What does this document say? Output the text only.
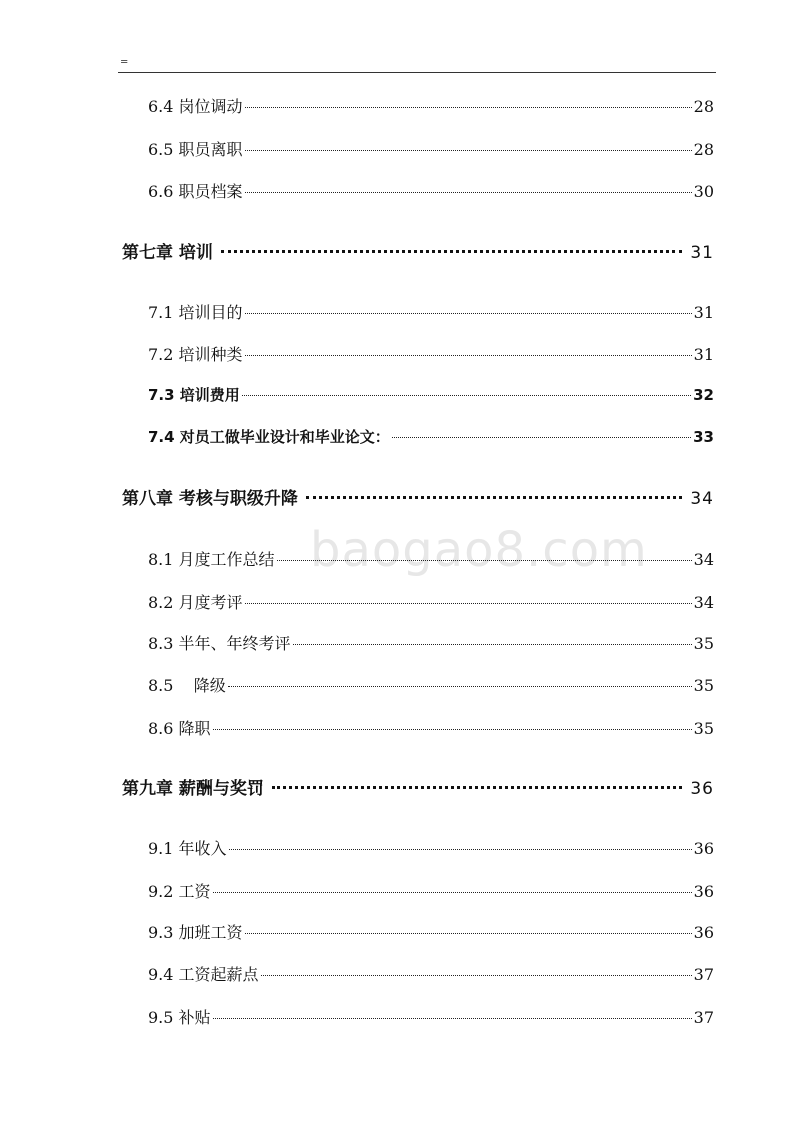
=
baogao8.com
6.4 岗位调动	28
6.5 职员离职	28
6.6 职员档案	30
第七章 培训	31
7.1 培训目的	31
7.2 培训种类	31
7.3 培训费用	32
7.4 对员工做毕业设计和毕业论文：	33
第八章 考核与职级升降	34
8.1 月度工作总结	34
8.2 月度考评	34
8.3 半年、年终考评	35
8.5    降级	35
8.6 降职	35
第九章 薪酬与奖罚	36
9.1 年收入	36
9.2 工资	36
9.3 加班工资	36
9.4 工资起薪点	37
9.5 补贴	37
